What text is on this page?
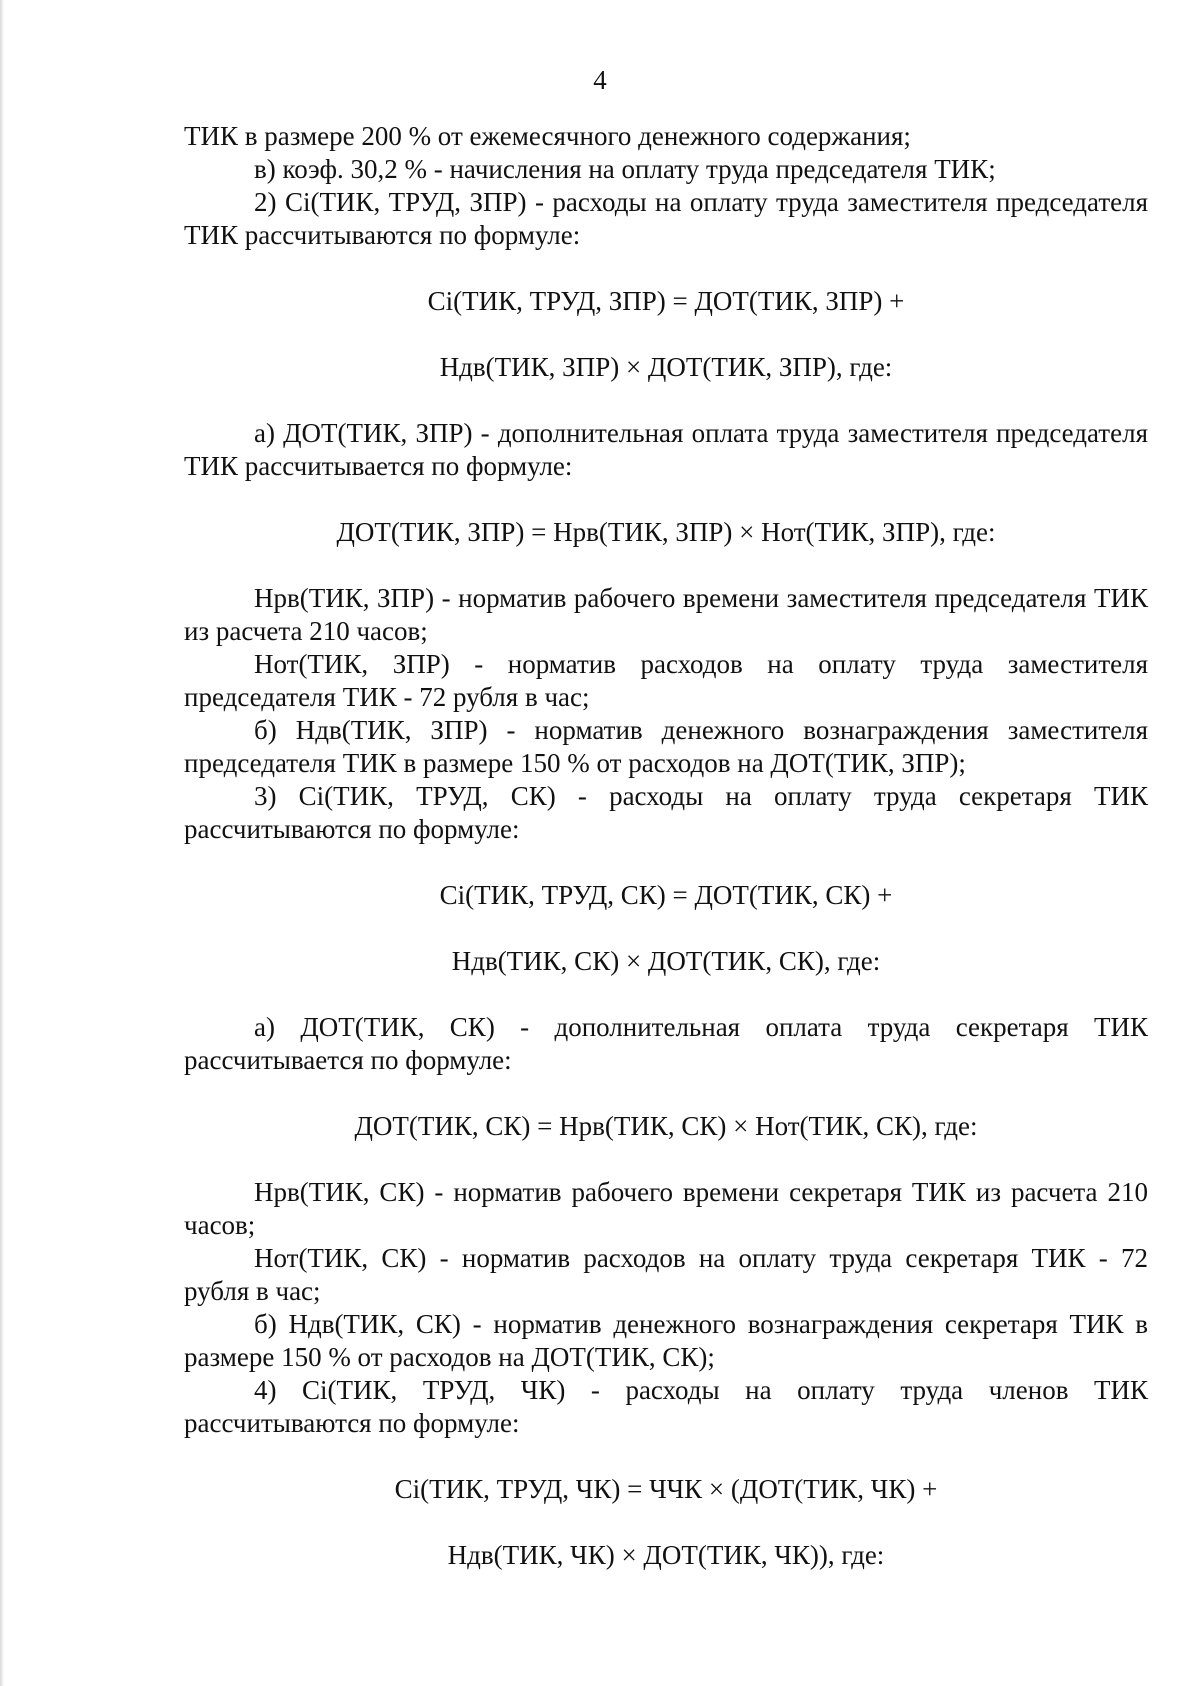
4

ТИК в размере 200 % от ежемесячного денежного содержания;

в) коэф. 30,2 % - начисления на оплату труда председателя ТИК;

2) Ci(ТИК, ТРУД, ЗПР) - расходы на оплату труда заместителя председателя ТИК рассчитываются по формуле:

Ci(ТИК, ТРУД, ЗПР) = ДОТ(ТИК, ЗПР) +

Ндв(ТИК, ЗПР) × ДОТ(ТИК, ЗПР), где:

а) ДОТ(ТИК, ЗПР) - дополнительная оплата труда заместителя председателя ТИК рассчитывается по формуле:

ДОТ(ТИК, ЗПР) = Нрв(ТИК, ЗПР) × Нот(ТИК, ЗПР), где:

Нрв(ТИК, ЗПР) - норматив рабочего времени заместителя председателя ТИК из расчета 210 часов;

Нот(ТИК, ЗПР) - норматив расходов на оплату труда заместителя председателя ТИК - 72 рубля в час;

б) Ндв(ТИК, ЗПР) - норматив денежного вознаграждения заместителя председателя ТИК в размере 150 % от расходов на ДОТ(ТИК, ЗПР);

3) Ci(ТИК, ТРУД, СК) - расходы на оплату труда секретаря ТИК рассчитываются по формуле:

Ci(ТИК, ТРУД, СК) = ДОТ(ТИК, СК) +

Ндв(ТИК, СК) × ДОТ(ТИК, СК), где:

а) ДОТ(ТИК, СК) - дополнительная оплата труда секретаря ТИК рассчитывается по формуле:

ДОТ(ТИК, СК) = Нрв(ТИК, СК) × Нот(ТИК, СК), где:

Нрв(ТИК, СК) - норматив рабочего времени секретаря ТИК из расчета 210 часов;

Нот(ТИК, СК) - норматив расходов на оплату труда секретаря ТИК - 72 рубля в час;

б) Ндв(ТИК, СК) - норматив денежного вознаграждения секретаря ТИК в размере 150 % от расходов на ДОТ(ТИК, СК);

4) Ci(ТИК, ТРУД, ЧК) - расходы на оплату труда членов ТИК рассчитываются по формуле:

Ci(ТИК, ТРУД, ЧК) = ЧЧК × (ДОТ(ТИК, ЧК) +

Ндв(ТИК, ЧК) × ДОТ(ТИК, ЧК)), где:
